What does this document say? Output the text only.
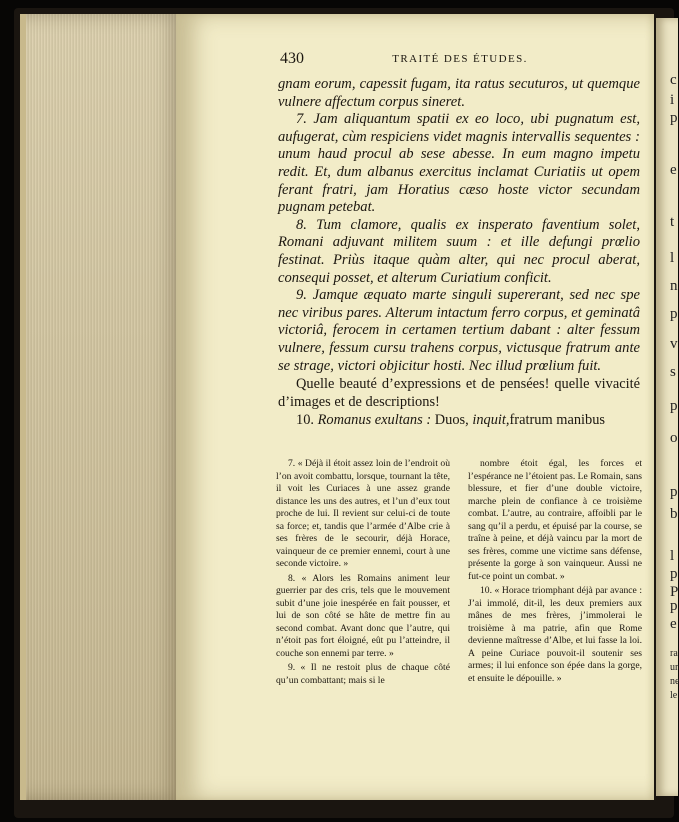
430	TRAITÉ DES ÉTUDES.

gnam eorum, capessit fugam, ita ratus secuturos, ut quemque vulnere affectum corpus sineret.

7. Jam aliquantum spatii ex eo loco, ubi pugnatum est, aufugerat, cùm respiciens videt magnis intervallis sequentes : unum haud procul ab sese abesse. In eum magno impetu redit. Et, dum albanus exercitus inclamat Curiatiis ut opem ferant fratri, jam Horatius cæso hoste victor secundam pugnam petebat.

8. Tum clamore, qualis ex insperato faventium solet, Romani adjuvant militem suum : et ille defungi prœlio festinat. Priùs itaque quàm alter, qui nec procul aberat, consequi posset, et alterum Curiatium conficit.

9. Jamque æquato marte singuli supererant, sed nec spe nec viribus pares. Alterum intactum ferro corpus, et geminatâ victoriâ, ferocem in certamen tertium dabant : alter fessum vulnere, fessum cursu trahens corpus, victusque fratrum ante se strage, victori objicitur hosti. Nec illud prœlium fuit.

Quelle beauté d’expressions et de pensées! quelle vivacité d’images et de descriptions!

10. Romanus exultans : Duos, inquit,fratrum manibus

7. « Déjà il étoit assez loin de l’endroit où l’on avoit combattu, lorsque, tournant la tête, il voit les Curiaces à une assez grande distance les uns des autres, et l’un d’eux tout proche de lui. Il revient sur celui-ci de toute sa force; et, tandis que l’armée d’Albe crie à ses frères de le secourir, déjà Horace, vainqueur de ce premier ennemi, court à une seconde victoire. »

8. « Alors les Romains animent leur guerrier par des cris, tels que le mouvement subit d’une joie inespérée en fait pousser, et lui de son côté se hâte de mettre fin au second combat. Avant donc que l’autre, qui n’étoit pas fort éloigné, eût pu l’atteindre, il couche son ennemi par terre. »

9. « Il ne restoit plus de chaque côté qu’un combattant; mais si le

nombre étoit égal, les forces et l’espérance ne l’étoient pas. Le Romain, sans blessure, et fier d’une double victoire, marche plein de confiance à ce troisième combat. L’autre, au contraire, affoibli par le sang qu’il a perdu, et épuisé par la course, se traîne à peine, et déjà vaincu par la mort de ses frères, comme une victime sans défense, présente la gorge à son vainqueur. Aussi ne fut-ce point un combat. »

10. « Horace triomphant déjà par avance : J’ai immolé, dit-il, les deux premiers aux mânes de mes frères, j’immolerai le troisième à ma patrie, afin que Rome devienne maîtresse d’Albe, et lui fasse la loi. A peine Curiace pouvoit-il soutenir ses armes; il lui enfonce son épée dans la gorge, et ensuite le dépouille. »

c
i
p
e
t
l
n
p
v
s
p
o
p
b
l
p
P
p
e
ra
ur
ne
le
